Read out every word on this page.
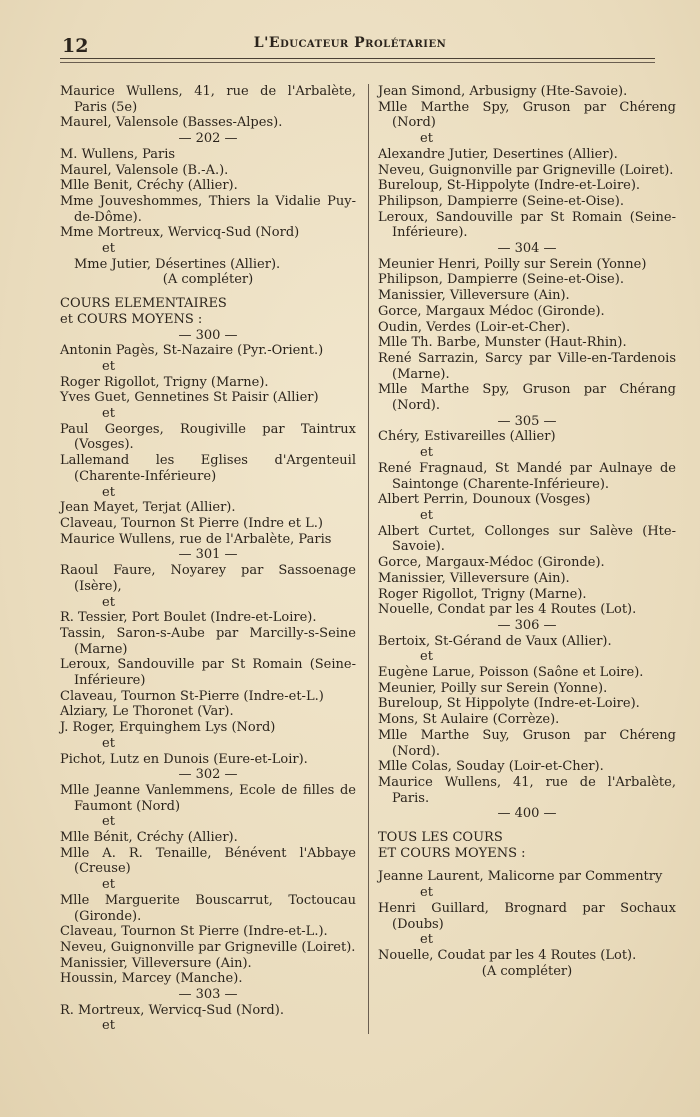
12	L'Educateur Prolétarien

Maurice Wullens, 41, rue de l'Arbalète, Paris (5e)

Maurel, Valensole (Basses-Alpes).

— 202 —

M. Wullens, Paris

Maurel, Valensole (B.-A.).

Mlle Benit, Créchy (Allier).

Mme Jouveshommes, Thiers la Vidalie Puy-de-Dôme).

Mme Mortreux, Wervicq-Sud (Nord)

et

Mme Jutier, Désertines (Allier).

(A compléter)

COURS ELEMENTAIRES

et COURS MOYENS :

— 300 —

Antonin Pagès, St-Nazaire (Pyr.-Orient.)

et

Roger Rigollot, Trigny (Marne).

Yves Guet, Gennetines St Paisir (Allier)

et

Paul Georges, Rougiville par Taintrux (Vosges).

Lallemand les Eglises d'Argenteuil (Charente-Inférieure)

et

Jean Mayet, Terjat (Allier).

Claveau, Tournon St Pierre (Indre et L.)

Maurice Wullens, rue de l'Arbalète, Paris

— 301 —

Raoul Faure, Noyarey par Sassoenage (Isère),

et

R. Tessier, Port Boulet (Indre-et-Loire).

Tassin, Saron-s-Aube par Marcilly-s-Seine (Marne)

Leroux, Sandouville par St Romain (Seine-Inférieure)

Claveau, Tournon St-Pierre (Indre-et-L.)

Alziary, Le Thoronet (Var).

J. Roger, Erquinghem Lys (Nord)

et

Pichot, Lutz en Dunois (Eure-et-Loir).

— 302 —

Mlle Jeanne Vanlemmens, Ecole de filles de Faumont (Nord)

et

Mlle Bénit, Créchy (Allier).

Mlle A. R. Tenaille, Bénévent l'Abbaye (Creuse)

et

Mlle Marguerite Bouscarrut, Toctoucau (Gironde).

Claveau, Tournon St Pierre (Indre-et-L.).

Neveu, Guignonville par Grigneville (Loiret).

Manissier, Villeversure (Ain).

Houssin, Marcey (Manche).

— 303 —

R. Mortreux, Wervicq-Sud (Nord).

et

Jean Simond, Arbusigny (Hte-Savoie).

Mlle Marthe Spy, Gruson par Chéreng (Nord)

et

Alexandre Jutier, Desertines (Allier).

Neveu, Guignonville par Grigneville (Loiret).

Bureloup, St-Hippolyte (Indre-et-Loire).

Philipson, Dampierre (Seine-et-Oise).

Leroux, Sandouville par St Romain (Seine-Inférieure).

— 304 —

Meunier Henri, Poilly sur Serein (Yonne)

Philipson, Dampierre (Seine-et-Oise).

Manissier, Villeversure (Ain).

Gorce, Margaux Médoc (Gironde).

Oudin, Verdes (Loir-et-Cher).

Mlle Th. Barbe, Munster (Haut-Rhin).

René Sarrazin, Sarcy par Ville-en-Tardenois (Marne).

Mlle Marthe Spy, Gruson par Chérang (Nord).

— 305 —

Chéry, Estivareilles (Allier)

et

René Fragnaud, St Mandé par Aulnaye de Saintonge (Charente-Inférieure).

Albert Perrin, Dounoux (Vosges)

et

Albert Curtet, Collonges sur Salève (Hte-Savoie).

Gorce, Margaux-Médoc (Gironde).

Manissier, Villeversure (Ain).

Roger Rigollot, Trigny (Marne).

Nouelle, Condat par les 4 Routes (Lot).

— 306 —

Bertoix, St-Gérand de Vaux (Allier).

et

Eugène Larue, Poisson (Saône et Loire).

Meunier, Poilly sur Serein (Yonne).

Bureloup, St Hippolyte (Indre-et-Loire).

Mons, St Aulaire (Corrèze).

Mlle Marthe Suy, Gruson par Chéreng (Nord).

Mlle Colas, Souday (Loir-et-Cher).

Maurice Wullens, 41, rue de l'Arbalète, Paris.

— 400 —

TOUS LES COURS

ET COURS MOYENS :

Jeanne Laurent, Malicorne par Commentry

et

Henri Guillard, Brognard par Sochaux (Doubs)

et

Nouelle, Coudat par les 4 Routes (Lot).

(A compléter)
